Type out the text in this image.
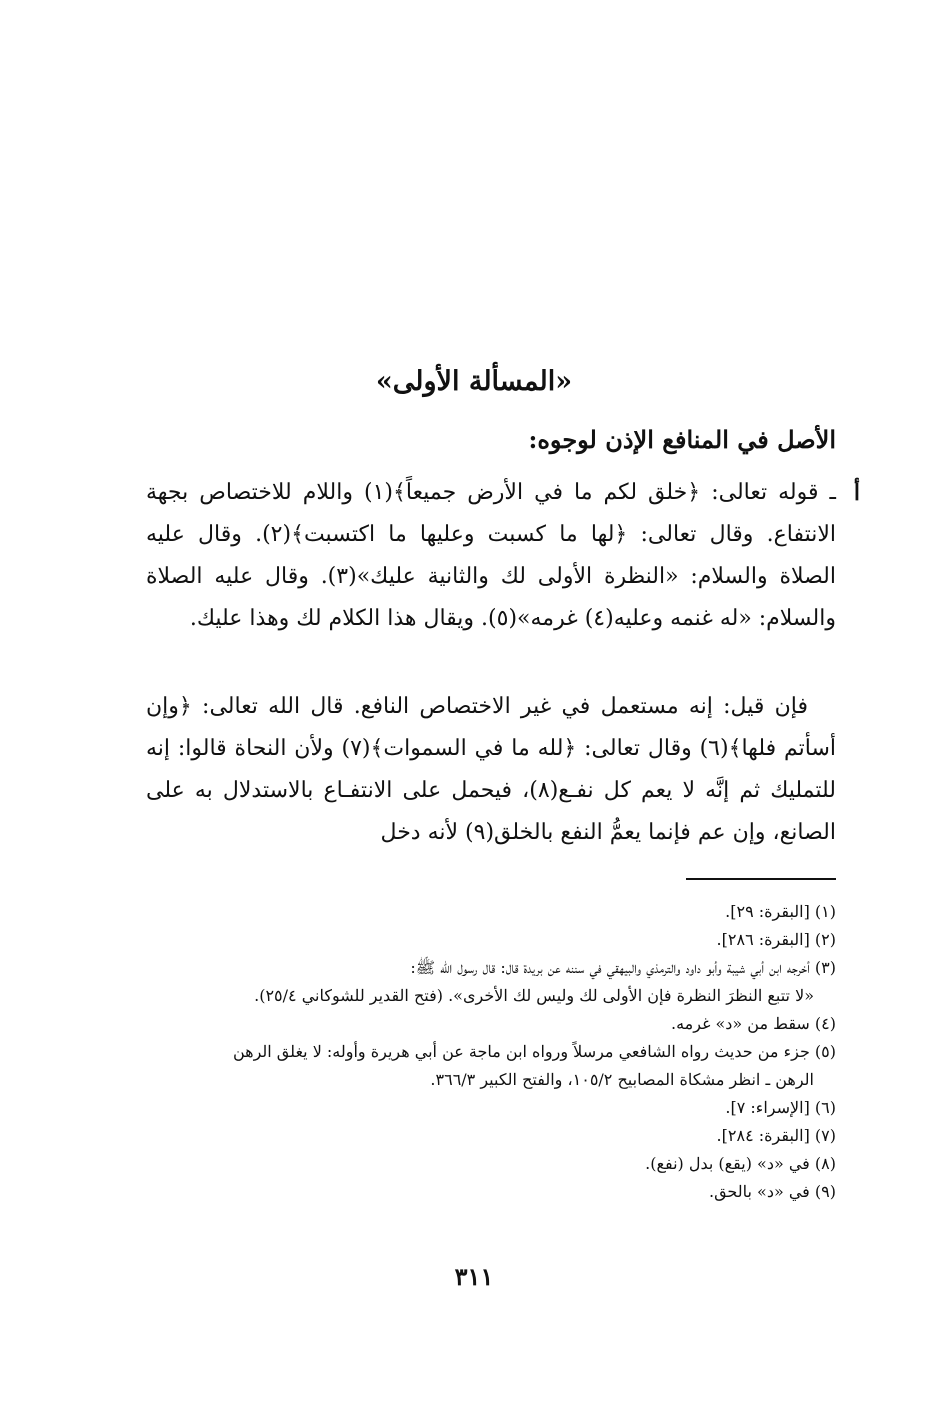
«المسألة الأولى»
الأصل في المنافع الإذن لوجوه:
أ
ـ قوله تعالى: ﴿خلق لكم ما في الأرض جميعاً﴾(١) واللام للاختصاص بجهة الانتفاع. وقال تعالى: ﴿لها ما كسبت وعليها ما اكتسبت﴾(٢). وقال عليه الصلاة والسلام: «النظرة الأولى لك والثانية عليك»(٣). وقال عليه الصلاة والسلام: «له غنمه وعليه(٤) غرمه»(٥). ويقال هذا الكلام لك وهذا عليك.
فإن قيل: إنه مستعمل في غير الاختصاص النافع. قال الله تعالى: ﴿وإن أسأتم فلها﴾(٦) وقال تعالى: ﴿لله ما في السموات﴾(٧) ولأن النحاة قالوا: إنه للتمليك ثم إنَّه لا يعم كل نفـع(٨)، فيحمل على الانتفـاع بالاستدلال به على الصانع، وإن عم فإنما يعمُّ النفع بالخلق(٩) لأنه دخل

(١) [البقرة: ٢٩].

(٢) [البقرة: ٢٨٦].

(٣) أخرجه ابن أبي شيبة وأبو داود والترمذي والبيهقي في سننه عن بريدة قال: قال رسول الله ﷺ:

«لا تتبع النظرَ النظرة فإن الأولى لك وليس لك الأخرى». (فتح القدير للشوكاني ٢٥/٤).

(٤) سقط من «د» غرمه.

(٥) جزء من حديث رواه الشافعي مرسلاً ورواه ابن ماجة عن أبي هريرة وأوله: لا يغلق الرهن

الرهن ـ انظر مشكاة المصابيح ١٠٥/٢، والفتح الكبير ٣٦٦/٣.

(٦) [الإسراء: ٧].

(٧) [البقرة: ٢٨٤].

(٨) في «د» (يقع) بدل (نفع).

(٩) في «د» بالحق.

٣١١
